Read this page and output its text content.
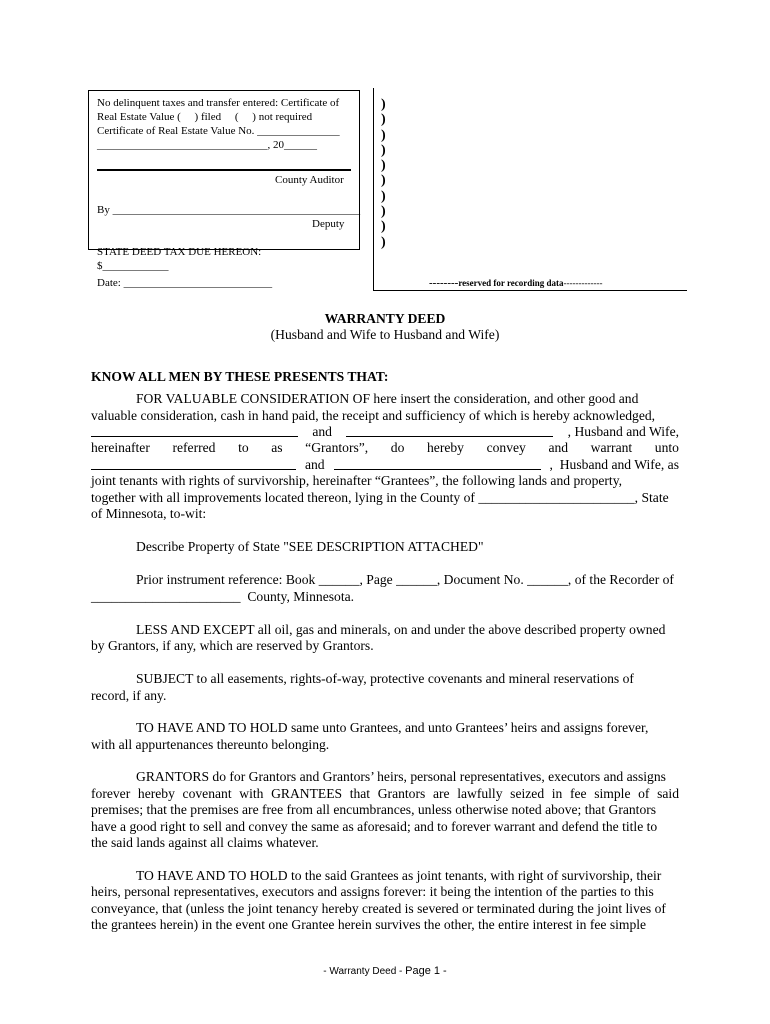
No delinquent taxes and transfer entered: Certificate of
Real Estate Value (     ) filed     (     ) not required
Certificate of Real Estate Value No. _______________
_______________________________, 20______
County Auditor
By _____________________________________________
Deputy
STATE DEED TAX DUE HEREON:
$____________
Date: ___________________________
)
)
)
)
)
)
)
)
)
)
--------reserved for recording data-------------
WARRANTY DEED
(Husband and Wife to Husband and Wife)
KNOW ALL MEN BY THESE PRESENTS THAT:
FOR VALUABLE CONSIDERATION OF here insert the consideration, and other good and
valuable consideration, cash in hand paid, the receipt and sufficiency of which is hereby acknowledged,
and	, Husband and Wife,
hereinafter referred to as “Grantors”, do hereby convey and warrant unto
and	,  Husband and Wife, as
joint tenants with rights of survivorship, hereinafter “Grantees”, the following lands and property,
together with all improvements located thereon, lying in the County of _______________________, State
of Minnesota, to-wit:
Describe Property of State "SEE DESCRIPTION ATTACHED"
Prior instrument reference: Book ______, Page ______, Document No. ______, of the Recorder of
______________________  County, Minnesota.
LESS AND EXCEPT all oil, gas and minerals, on and under the above described property owned
by Grantors, if any, which are reserved by Grantors.
SUBJECT to all easements, rights-of-way, protective covenants and mineral reservations of
record, if any.
TO HAVE AND TO HOLD same unto Grantees, and unto Grantees’ heirs and assigns forever,
with all appurtenances thereunto belonging.
GRANTORS do for Grantors and Grantors’ heirs, personal representatives, executors and assigns
forever hereby covenant with GRANTEES that Grantors are lawfully seized in fee simple of said
premises; that the premises are free from all encumbrances, unless otherwise noted above; that Grantors
have a good right to sell and convey the same as aforesaid; and to forever warrant and defend the title to
the said lands against all claims whatever.
TO HAVE AND TO HOLD to the said Grantees as joint tenants, with right of survivorship, their
heirs, personal representatives, executors and assigns forever: it being the intention of the parties to this
conveyance, that (unless the joint tenancy hereby created is severed or terminated during the joint lives of
the grantees herein) in the event one Grantee herein survives the other, the entire interest in fee simple
- Warranty Deed - Page 1 -
